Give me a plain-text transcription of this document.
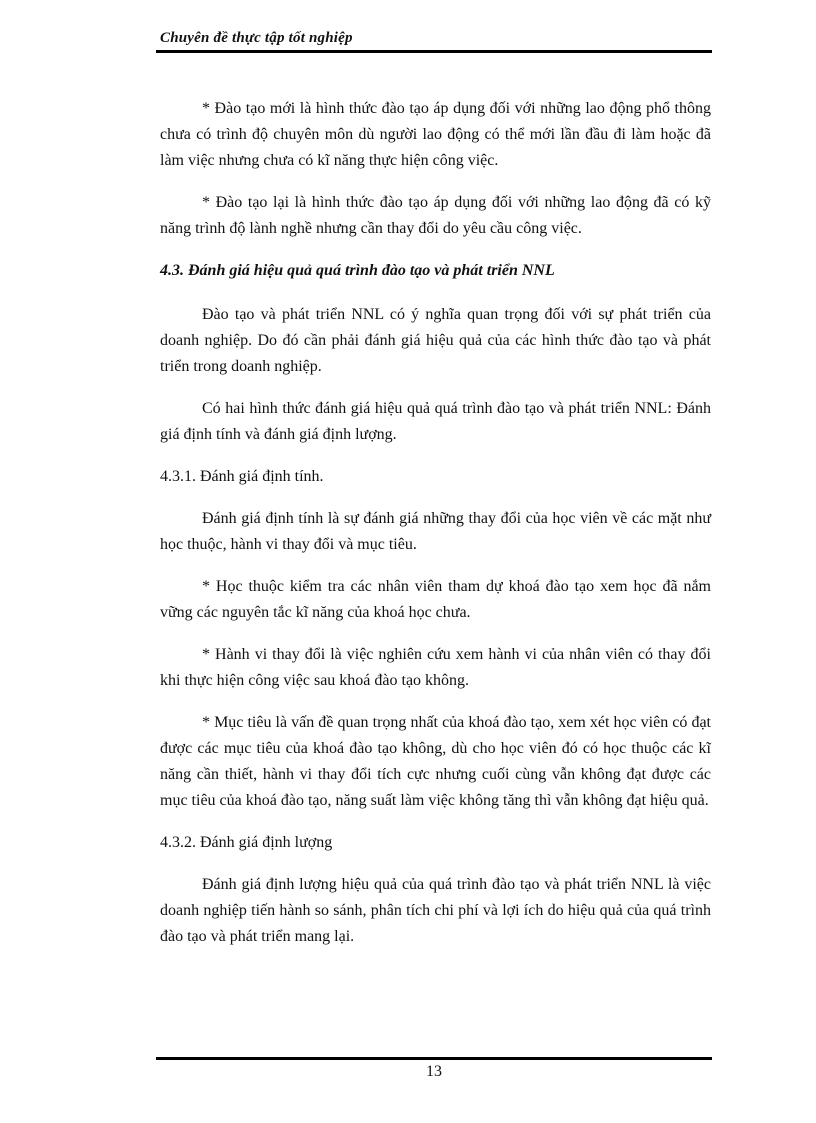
Chuyên đề thực tập tốt nghiệp

* Đào tạo mới là hình thức đào tạo áp dụng đối với những lao động phổ thông chưa có trình độ chuyên môn dù người lao động có thể mới lần đầu đi làm hoặc đã làm việc nhưng chưa có kĩ năng thực hiện công việc.

* Đào tạo lại là hình thức đào tạo áp dụng đối với những lao động đã có kỹ năng trình độ lành nghề nhưng cần thay đổi do yêu cầu công việc.

4.3. Đánh giá hiệu quả quá trình đào tạo và phát triển NNL

Đào tạo và phát triển NNL có ý nghĩa quan trọng đối với sự phát triển của doanh nghiệp. Do đó cần phải đánh giá hiệu quả của các hình thức đào tạo và phát triển trong doanh nghiệp.

Có hai hình thức đánh giá hiệu quả quá trình đào tạo và phát triển NNL: Đánh giá định tính và đánh giá định lượng.

4.3.1. Đánh giá định tính.

Đánh giá định tính là sự đánh giá những thay đổi của học viên về các mặt như học thuộc, hành vi thay đổi và mục tiêu.

* Học thuộc kiểm tra các nhân viên tham dự khoá đào tạo xem học đã nắm vững các nguyên tắc kĩ năng của khoá học chưa.

* Hành vi thay đổi là việc nghiên cứu xem hành vi của nhân viên có thay đổi khi thực hiện công việc sau khoá đào tạo không.

* Mục tiêu là vấn đề quan trọng nhất của khoá đào tạo, xem xét học viên có đạt được các mục tiêu của khoá đào tạo không, dù cho học viên đó có học thuộc các kĩ năng cần thiết, hành vi thay đổi tích cực nhưng cuối cùng vẫn không đạt được các mục tiêu của khoá đào tạo, năng suất làm việc không tăng thì vẫn không đạt hiệu quả.

4.3.2. Đánh giá định lượng

Đánh giá định lượng hiệu quả của quá trình đào tạo và phát triển NNL là việc doanh nghiệp tiến hành so sánh, phân tích chi phí và lợi ích do hiệu quả của quá trình đào tạo và phát triển mang lại.

13
